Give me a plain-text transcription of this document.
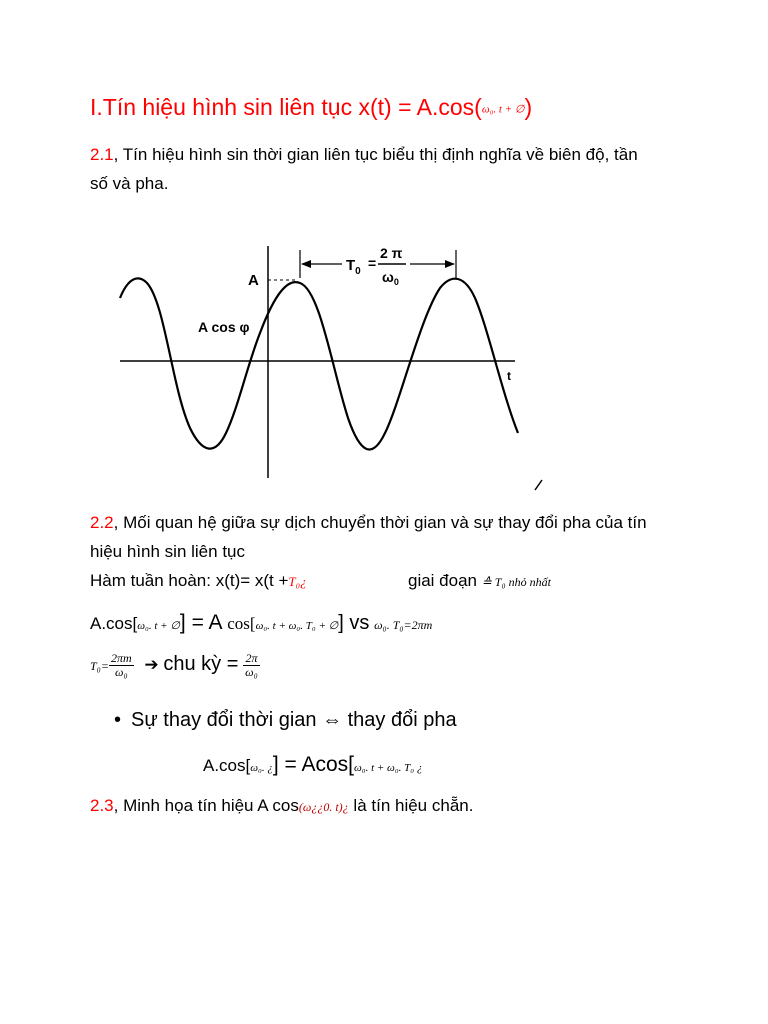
I.Tín hiệu hình sin liên tục x(t) = A.cos(ω₀. t + ∅)

2.1, Tín hiệu hình sin thời gian liên tục biểu thị định nghĩa về biên độ, tần

số và pha.

A
A cos φ
t
$T_0$
=
2 π
$\omega_0$

2.2, Mối quan hệ giữa sự dịch chuyển thời gian và sự thay đổi pha của tín

hiệu hình sin liên tục

Hàm tuần hoàn: x(t)= x(t +T₀¿	giai đoạn ≙ T₀ nhỏ nhất
A.cos[ω₀. t + ∅] = A cos[ω₀. t + ω₀. T₀ + ∅] vs ω₀. T₀=2πm
$T_0= \frac{2\pi m}{\text{ω₀}}$ ➔ chu kỳ = $\frac{2\pi}{\text{ω₀}}$
• Sự thay đổi thời gian ⇔ thay đổi pha
A.cos[ω₀. ¿] = Acos[ω₀. t + ω₀. T₀ ¿
2.3, Minh họa tín hiệu A cos(ω¿¿0. t)¿ là tín hiệu chẵn.
